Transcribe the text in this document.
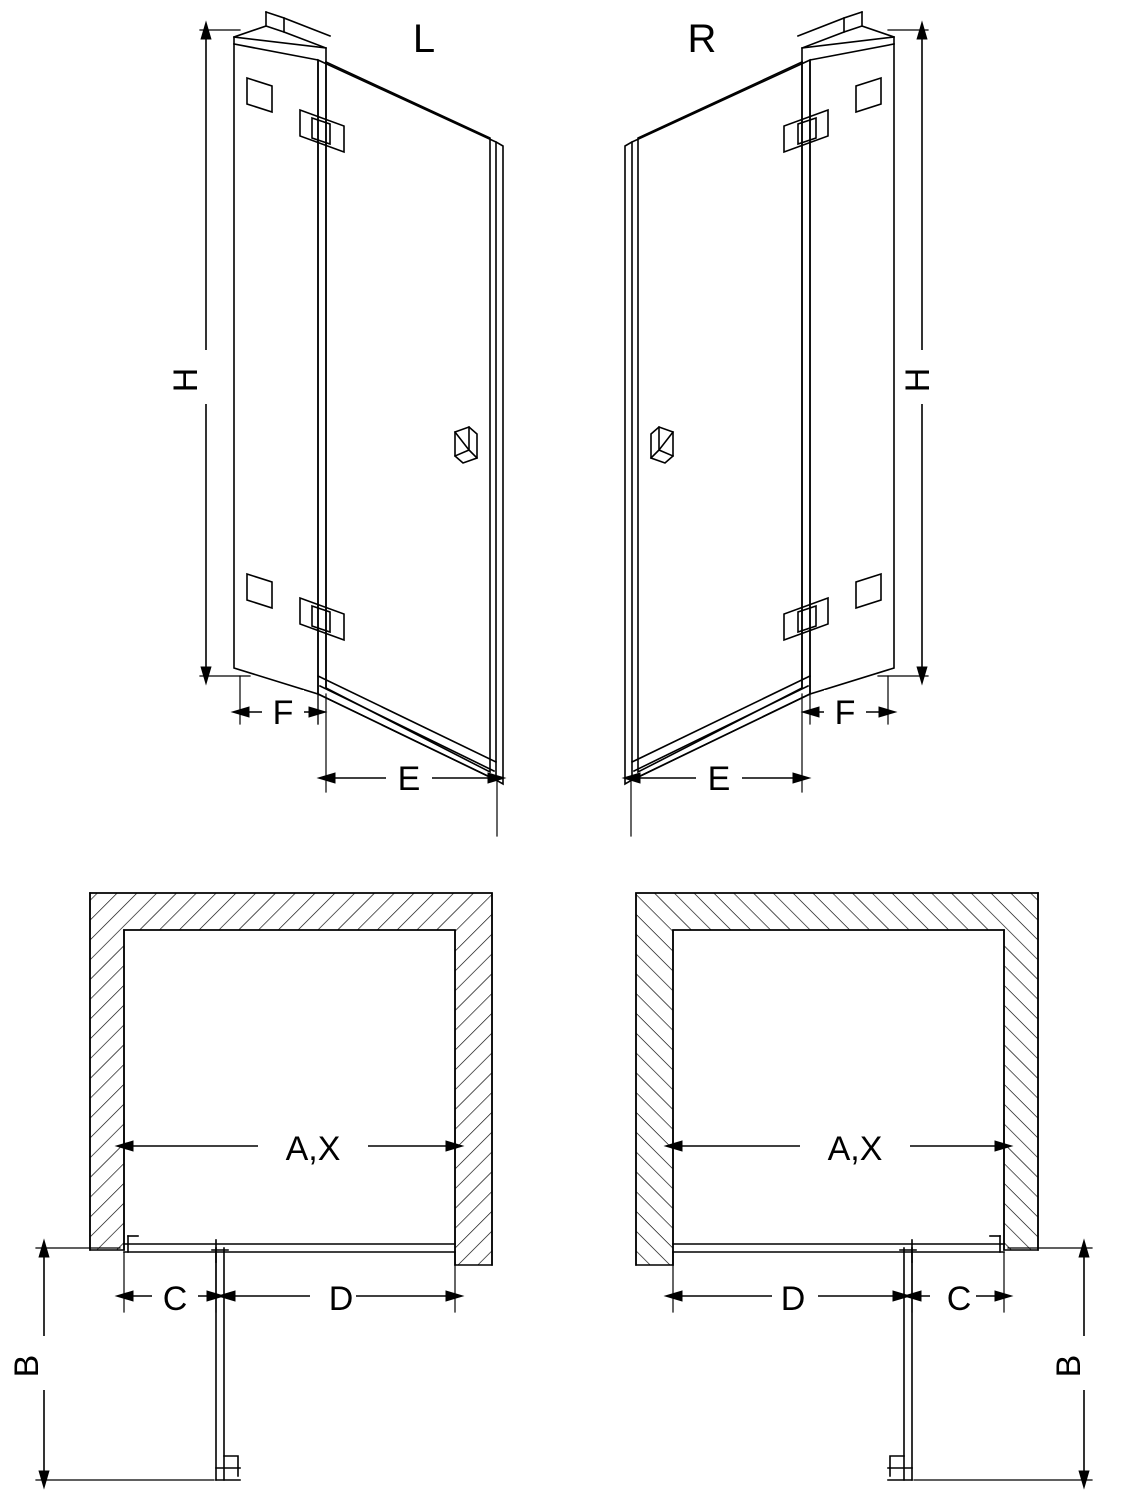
L	R
H	H
F	F
E	E
A,X	A,X
C	D	D	C
B	B
